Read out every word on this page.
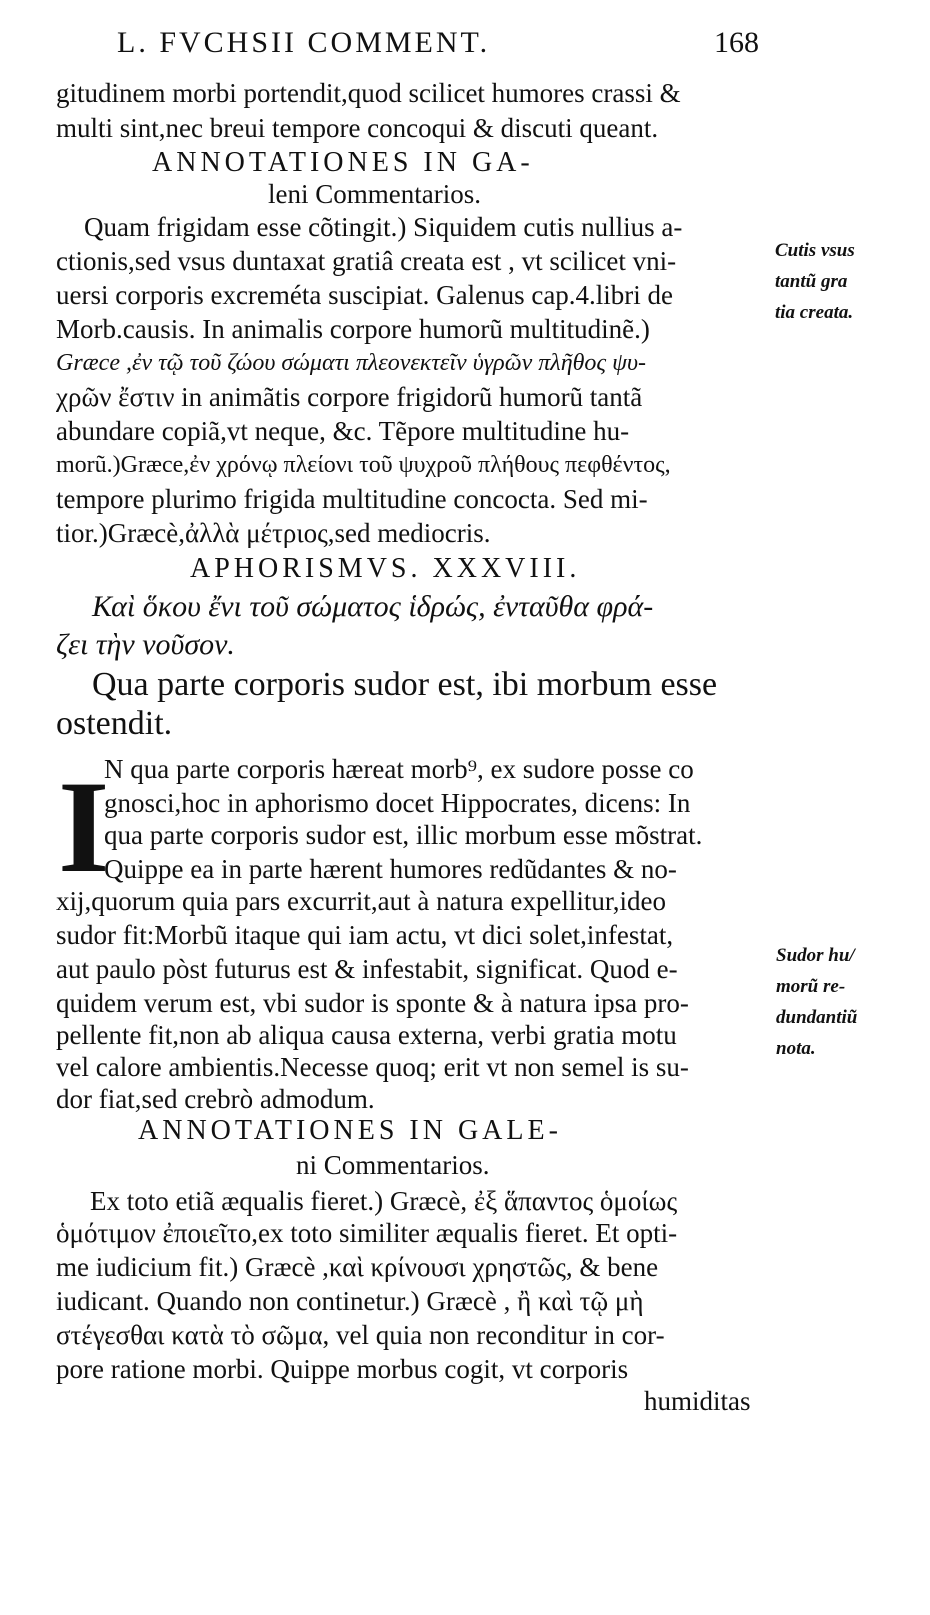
L. FVCHSII COMMENT.	168
gitudinem morbi portendit,quod scilicet humores crassi &
multi sint,nec breui tempore concoqui & discuti queant.
ANNOTATIONES IN GA-
leni Commentarios.
Quam frigidam esse cõtingit.) Siquidem cutis nullius a-
ctionis,sed vsus duntaxat gratiâ creata est , vt scilicet vni-
uersi corporis excreméta suscipiat. Galenus cap.4.libri de
Morb.causis. In animalis corpore humorũ multitudinẽ.)
Græce ,ἐν τῷ τοῦ ζώου σώματι πλεονεκτεῖν ὑγρῶν πλῆθος ψυ-
χρῶν ἔστιν in animãtis corpore frigidorũ humorũ tantã
abundare copiã,vt neque, &c. Tẽpore multitudine hu-
morũ.)Græce,ἐν χρόνῳ πλείονι τοῦ ψυχροῦ πλήθους πεφθέντος,
tempore plurimo frigida multitudine concocta. Sed mi-
tior.)Græcè,ἀλλὰ μέτριος,sed mediocris.
APHORISMVS. XXXVIII.
Καὶ ὅκου ἔνι τοῦ σώματος ἱδρώς, ἐνταῦθα φρά-
ζει τὴν νοῦσον.
Qua parte corporis sudor est, ibi morbum esse
ostendit.
I
N qua parte corporis hæreat morb⁹, ex sudore posse co
gnosci,hoc in aphorismo docet Hippocrates, dicens: In
qua parte corporis sudor est, illic morbum esse mõstrat.
Quippe ea in parte hærent humores redũdantes & no-
xij,quorum quia pars excurrit,aut à natura expellitur,ideo
sudor fit:Morbũ itaque qui iam actu, vt dici solet,infestat,
aut paulo pòst futurus est & infestabit, significat. Quod e-
quidem verum est, vbi sudor is sponte & à natura ipsa pro-
pellente fit,non ab aliqua causa externa, verbi gratia motu
vel calore ambientis.Necesse quoq; erit vt non semel is su-
dor fiat,sed crebrò admodum.
ANNOTATIONES IN GALE-
ni Commentarios.
Ex toto etiã æqualis fieret.) Græcè, ἐξ ἅπαντος ὁμοίως
ὁμότιμον ἐποιεῖτο,ex toto similiter æqualis fieret. Et opti-
me iudicium fit.) Græcè ,καὶ κρίνουσι χρηστῶς, & bene
iudicant. Quando non continetur.) Græcè , ἢ καὶ τῷ μὴ
στέγεσθαι κατὰ τὸ σῶμα, vel quia non reconditur in cor-
pore ratione morbi. Quippe morbus cogit, vt corporis
humiditas
Cutis vsus
tantũ gra
tia creata.
Sudor hu/
morũ re-
dundantiũ
nota.
